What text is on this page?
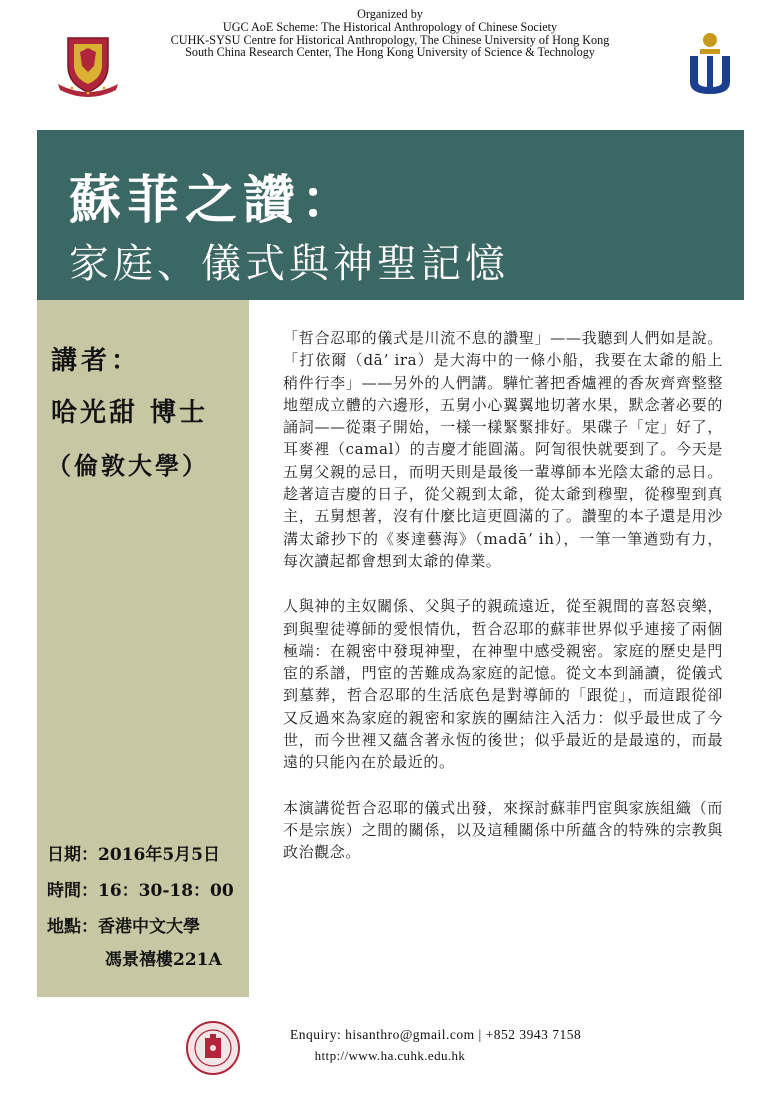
Organized by
UGC AoE Scheme: The Historical Anthropology of Chinese Society
CUHK-SYSU Centre for Historical Anthropology, The Chinese University of Hong Kong
South China Research Center, The Hong Kong University of Science & Technology
蘇菲之讚：
家庭、儀式與神聖記憶
講者：
哈光甜 博士
（倫敦大學）
日期：2016年5月5日
時間：16：30-18：00
地點：香港中文大學
馮景禧樓221A

「哲合忍耶的儀式是川流不息的讚聖」——我聽到人們如是說。「打依爾（dāʼ ira）是大海中的一條小船，我要在太爺的船上稍件行李」——另外的人們講。驊忙著把香爐裡的香灰齊齊整整地塑成立體的六邊形，五舅小心翼翼地切著水果，默念著必要的誦詞——從棗子開始，一樣一樣緊緊排好。果碟子「定」好了，耳麥裡（camal）的吉慶才能圓滿。阿訇很快就要到了。今天是五舅父親的忌日，而明天則是最後一輩導師本光陰太爺的忌日。趁著這吉慶的日子，從父親到太爺，從太爺到穆聖，從穆聖到真主，五舅想著，沒有什麼比這更圓滿的了。讚聖的本子還是用沙溝太爺抄下的《麥達藝海》（madāʼ ih），一筆一筆遒勁有力，每次讀起都會想到太爺的偉業。

人與神的主奴關係、父與子的親疏遠近，從至親間的喜怒哀樂，到與聖徒導師的愛恨情仇，哲合忍耶的蘇菲世界似乎連接了兩個極端：在親密中發現神聖，在神聖中感受親密。家庭的歷史是門宦的系譜，門宦的苦難成為家庭的記憶。從文本到誦讀，從儀式到墓葬，哲合忍耶的生活底色是對導師的「跟從」，而這跟從卻又反過來為家庭的親密和家族的團結注入活力：似乎最世成了今世，而今世裡又蘊含著永恆的後世；似乎最近的是最遠的，而最遠的只能內在於最近的。

本演講從哲合忍耶的儀式出發，來探討蘇菲門宦與家族組織（而不是宗族）之間的關係，以及這種關係中所蘊含的特殊的宗教與政治觀念。

Enquiry: hisanthro@gmail.com | +852 3943 7158
http://www.ha.cuhk.edu.hk
